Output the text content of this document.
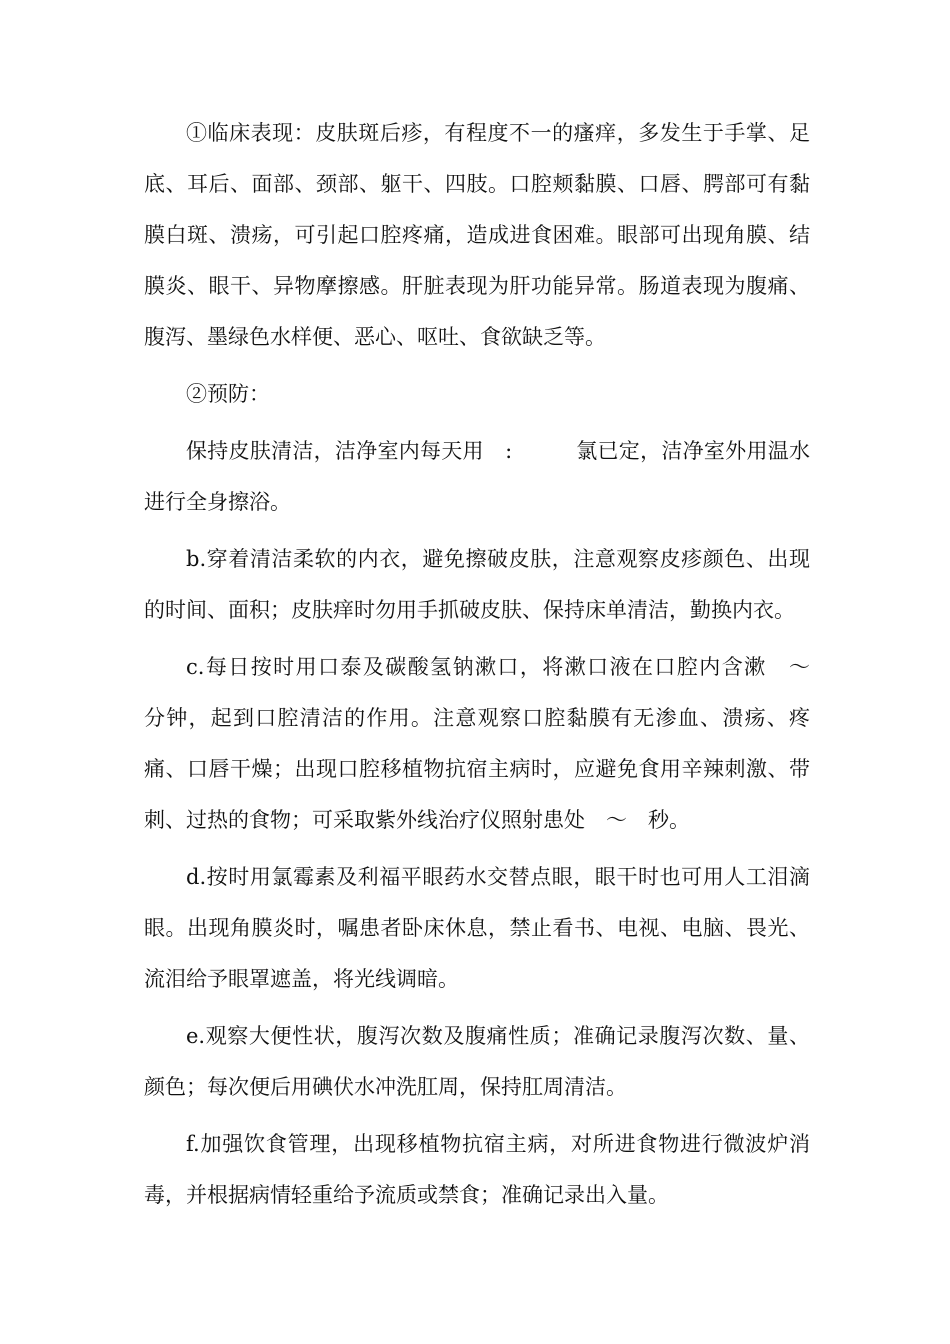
①临床表现：皮肤斑后疹，有程度不一的瘙痒，多发生于手掌、足底、耳后、面部、颈部、躯干、四肢。口腔颊黏膜、口唇、腭部可有黏膜白斑、溃疡，可引起口腔疼痛，造成进食困难。眼部可出现角膜、结膜炎、眼干、异物摩擦感。肝脏表现为肝功能异常。肠道表现为腹痛、腹泻、墨绿色水样便、恶心、呕吐、食欲缺乏等。

②预防：

保持皮肤清洁，洁净室内每天用　:　　　氯已定，洁净室外用温水进行全身擦浴。

b.穿着清洁柔软的内衣，避免擦破皮肤，注意观察皮疹颜色、出现的时间、面积；皮肤痒时勿用手抓破皮肤、保持床单清洁，勤换内衣。

c.每日按时用口泰及碳酸氢钠漱口，将漱口液在口腔内含漱　～　分钟，起到口腔清洁的作用。注意观察口腔黏膜有无渗血、溃疡、疼痛、口唇干燥；出现口腔移植物抗宿主病时，应避免食用辛辣刺激、带刺、过热的食物；可采取紫外线治疗仪照射患处　～　秒。

d.按时用氯霉素及利福平眼药水交替点眼，眼干时也可用人工泪滴眼。出现角膜炎时，嘱患者卧床休息，禁止看书、电视、电脑、畏光、流泪给予眼罩遮盖，将光线调暗。

e.观察大便性状，腹泻次数及腹痛性质；准确记录腹泻次数、量、颜色；每次便后用碘伏水冲洗肛周，保持肛周清洁。

f.加强饮食管理，出现移植物抗宿主病，对所进食物进行微波炉消毒，并根据病情轻重给予流质或禁食；准确记录出入量。
